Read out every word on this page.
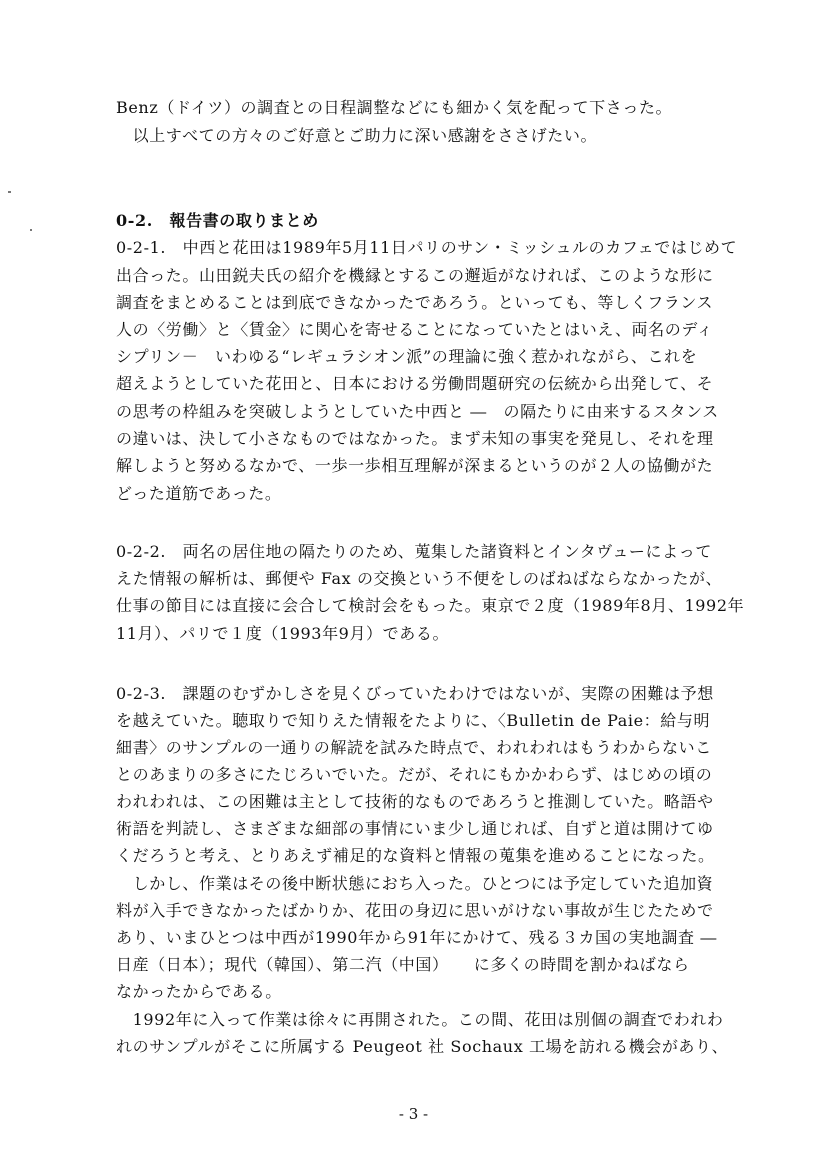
Benz（ドイツ）の調査との日程調整などにも細かく気を配って下さった。
　以上すべての方々のご好意とご助力に深い感謝をささげたい。
0-2.　報告書の取りまとめ
0-2-1.　中西と花田は1989年5月11日パリのサン・ミッシュルのカフェではじめて
出合った。山田鋭夫氏の紹介を機縁とするこの邂逅がなければ、このような形に
調査をまとめることは到底できなかったであろう。といっても、等しくフランス
人の〈労働〉と〈賃金〉に関心を寄せることになっていたとはいえ、両名のディ
シプリン－　いわゆる“レギュラシオン派”の理論に強く惹かれながら、これを
超えようとしていた花田と、日本における労働問題研究の伝統から出発して、そ
の思考の枠組みを突破しようとしていた中西と ―　の隔たりに由来するスタンス
の違いは、決して小さなものではなかった。まず未知の事実を発見し、それを理
解しようと努めるなかで、一歩一歩相互理解が深まるというのが２人の協働がた
どった道筋であった。
0-2-2.　両名の居住地の隔たりのため、蒐集した諸資料とインタヴューによって
えた情報の解析は、郵便や Fax の交換という不便をしのばねばならなかったが、
仕事の節目には直接に会合して検討会をもった。東京で２度（1989年8月、1992年
11月）、パリで１度（1993年9月）である。
0-2-3.　課題のむずかしさを見くびっていたわけではないが、実際の困難は予想
を越えていた。聴取りで知りえた情報をたよりに、〈Bulletin de Paie：給与明
細書〉のサンプルの一通りの解読を試みた時点で、われわれはもうわからないこ
とのあまりの多さにたじろいでいた。だが、それにもかかわらず、はじめの頃の
われわれは、この困難は主として技術的なものであろうと推測していた。略語や
術語を判読し、さまざまな細部の事情にいま少し通じれば、自ずと道は開けてゆ
くだろうと考え、とりあえず補足的な資料と情報の蒐集を進めることになった。
　しかし、作業はその後中断状態におち入った。ひとつには予定していた追加資
料が入手できなかったばかりか、花田の身辺に思いがけない事故が生じたためで
あり、いまひとつは中西が1990年から91年にかけて、残る３カ国の実地調査 ―
日産（日本）；現代（韓国）、第二汽（中国）　　に多くの時間を割かねばなら
なかったからである。
　1992年に入って作業は徐々に再開された。この間、花田は別個の調査でわれわ
れのサンプルがそこに所属する Peugeot 社 Sochaux 工場を訪れる機会があり、
- 3 -
